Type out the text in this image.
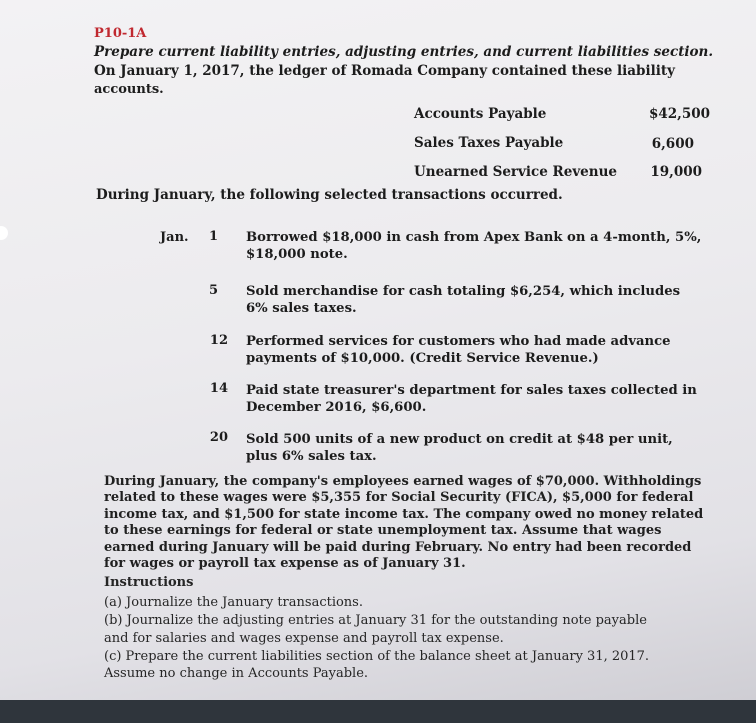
P10-1A
Prepare current liability entries, adjusting entries, and current liabilities section.
On January 1, 2017, the ledger of Romada Company contained these liability
accounts.
Accounts Payable	$42,500
Sales Taxes Payable	6,600
Unearned Service Revenue 19,000
During January, the following selected transactions occurred.
Jan.	1 Borrowed $18,000 in cash from Apex Bank on a 4-month, 5%, $18,000 note.
5 Sold merchandise for cash totaling $6,254, which includes 6% sales taxes.
12 Performed services for customers who had made advance payments of $10,000. (Credit Service Revenue.)
14 Paid state treasurer's department for sales taxes collected in December 2016, $6,600.
20 Sold 500 units of a new product on credit at $48 per unit, plus 6% sales tax.
During January, the company's employees earned wages of $70,000. Withholdings related to these wages were $5,355 for Social Security (FICA), $5,000 for federal income tax, and $1,500 for state income tax. The company owed no money related to these earnings for federal or state unemployment tax. Assume that wages earned during January will be paid during February. No entry had been recorded for wages or payroll tax expense as of January 31.
Instructions
(a) Journalize the January transactions.
(b) Journalize the adjusting entries at January 31 for the outstanding note payable
and for salaries and wages expense and payroll tax expense.
(c) Prepare the current liabilities section of the balance sheet at January 31, 2017.
Assume no change in Accounts Payable.
